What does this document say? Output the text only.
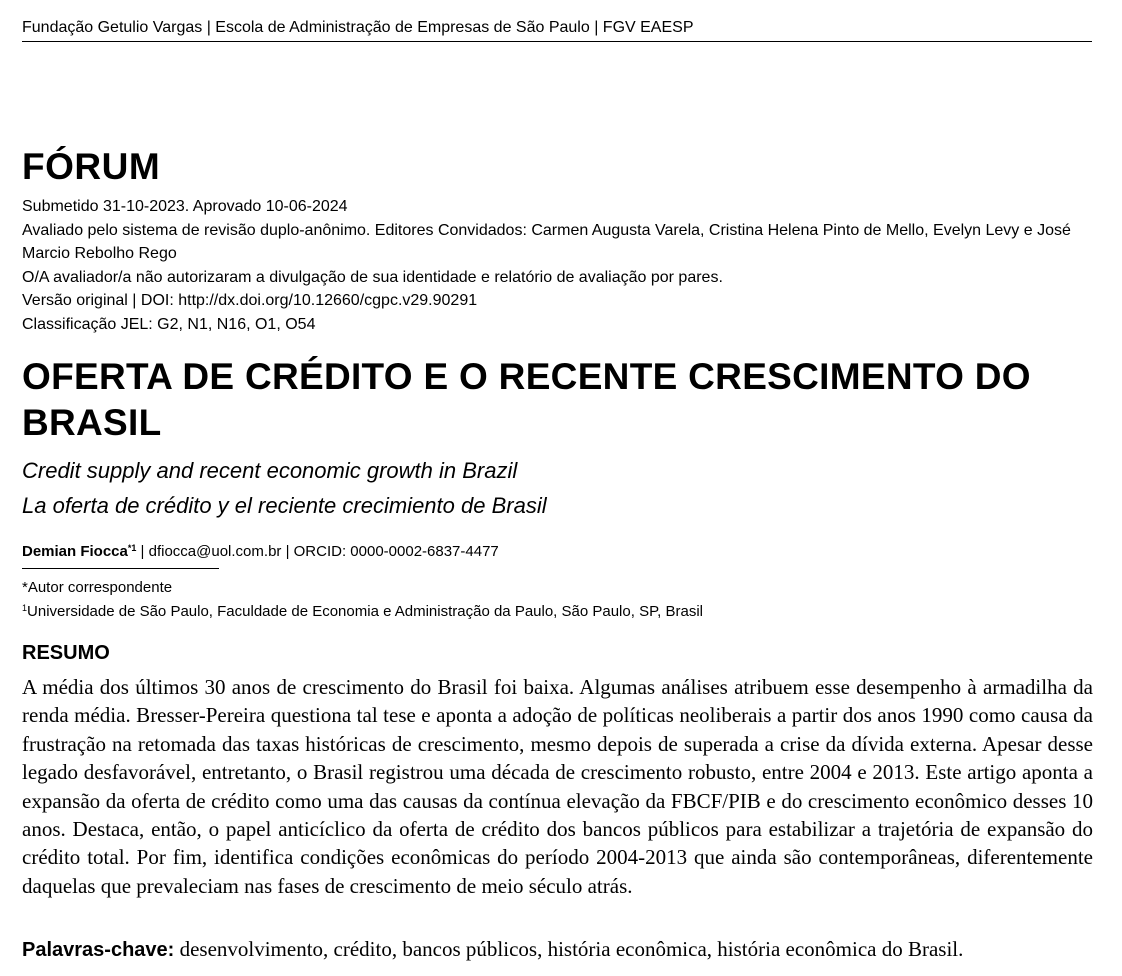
Fundação Getulio Vargas | Escola de Administração de Empresas de São Paulo | FGV EAESP
FÓRUM
Submetido 31-10-2023. Aprovado 10-06-2024
Avaliado pelo sistema de revisão duplo-anônimo. Editores Convidados: Carmen Augusta Varela, Cristina Helena Pinto de Mello, Evelyn Levy e José Marcio Rebolho Rego
O/A avaliador/a não autorizaram a divulgação de sua identidade e relatório de avaliação por pares.
Versão original | DOI: http://dx.doi.org/10.12660/cgpc.v29.90291
Classificação JEL: G2, N1, N16, O1, O54
OFERTA DE CRÉDITO E O RECENTE CRESCIMENTO DO BRASIL
Credit supply and recent economic growth in Brazil
La oferta de crédito y el reciente crecimiento de Brasil
Demian Fiocca$^{*1}$ | dfiocca@uol.com.br | ORCID: 0000-0002-6837-4477
*Autor correspondente
$^1$Universidade de São Paulo, Faculdade de Economia e Administração da Paulo, São Paulo, SP, Brasil
RESUMO
A média dos últimos 30 anos de crescimento do Brasil foi baixa. Algumas análises atribuem esse desempenho à armadilha da renda média. Bresser-Pereira questiona tal tese e aponta a adoção de políticas neoliberais a partir dos anos 1990 como causa da frustração na retomada das taxas históricas de crescimento, mesmo depois de superada a crise da dívida externa. Apesar desse legado desfavorável, entretanto, o Brasil registrou uma década de crescimento robusto, entre 2004 e 2013. Este artigo aponta a expansão da oferta de crédito como uma das causas da contínua elevação da FBCF/PIB e do crescimento econômico desses 10 anos. Destaca, então, o papel anticíclico da oferta de crédito dos bancos públicos para estabilizar a trajetória de expansão do crédito total. Por fim, identifica condições econômicas do período 2004-2013 que ainda são contemporâneas, diferentemente daquelas que prevaleciam nas fases de crescimento de meio século atrás.
Palavras-chave: desenvolvimento, crédito, bancos públicos, história econômica, história econômica do Brasil.
